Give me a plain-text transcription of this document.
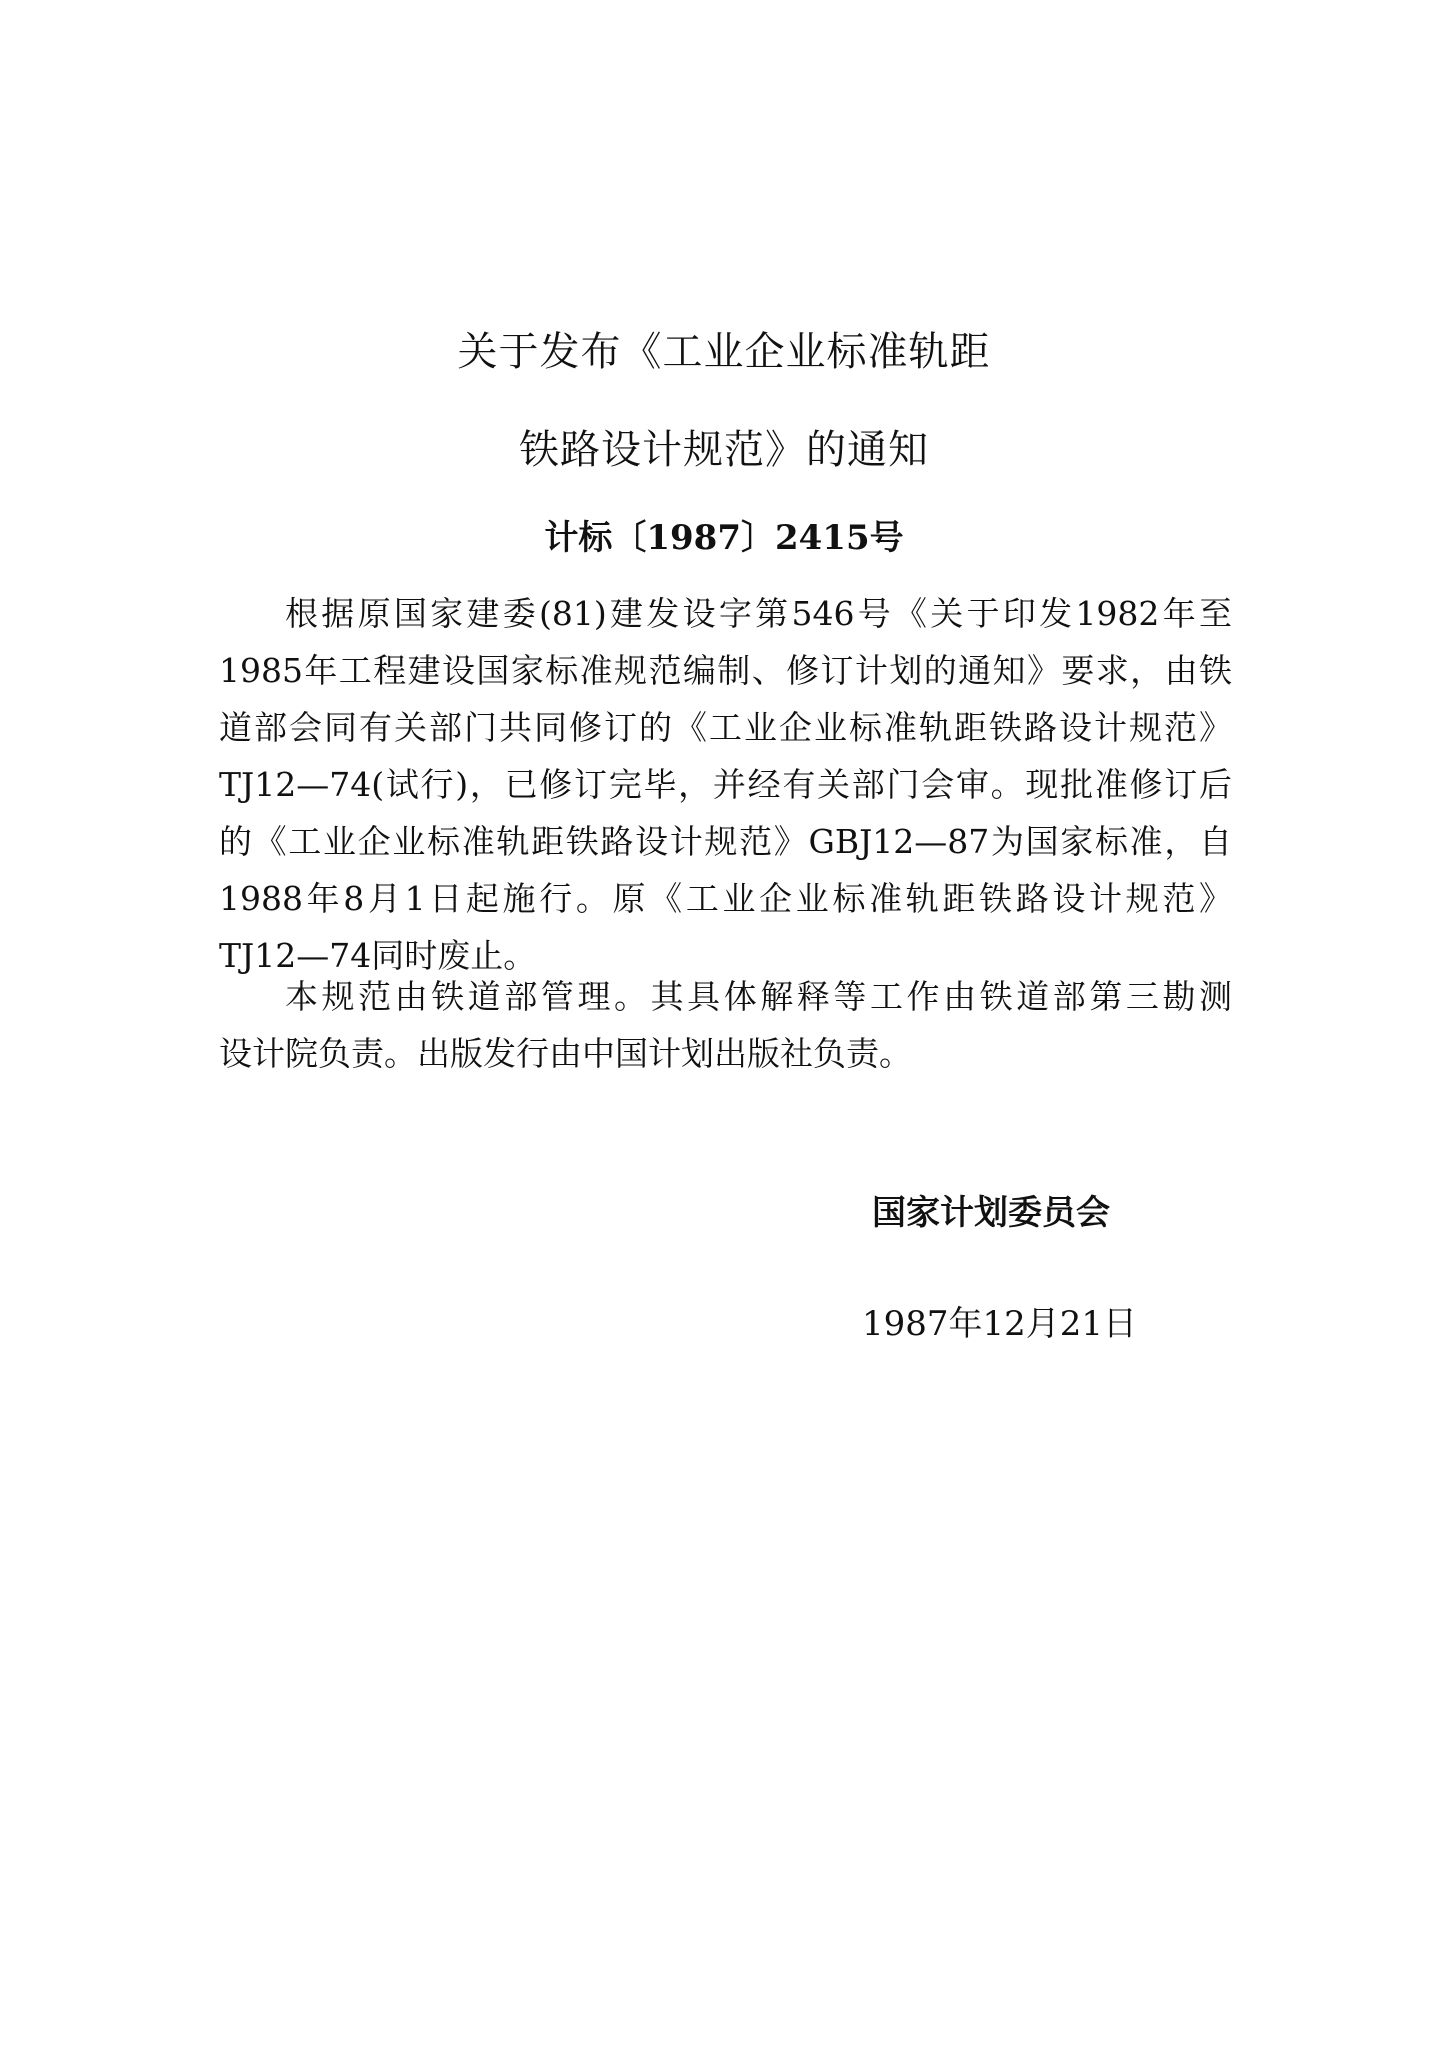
关于发布《工业企业标准轨距
铁路设计规范》的通知
计标〔1987〕2415号
根据原国家建委(81)建发设字第546号《关于印发1982年至
1985年工程建设国家标准规范编制、修订计划的通知》要求，由铁
道部会同有关部门共同修订的《工业企业标准轨距铁路设计规范》
TJ12—74(试行)，已修订完毕，并经有关部门会审。现批准修订后
的《工业企业标准轨距铁路设计规范》GBJ12—87为国家标准，自
1988年8月1日起施行。原《工业企业标准轨距铁路设计规范》
TJ12—74同时废止。
本规范由铁道部管理。其具体解释等工作由铁道部第三勘测
设计院负责。出版发行由中国计划出版社负责。
国家计划委员会
1987年12月21日
